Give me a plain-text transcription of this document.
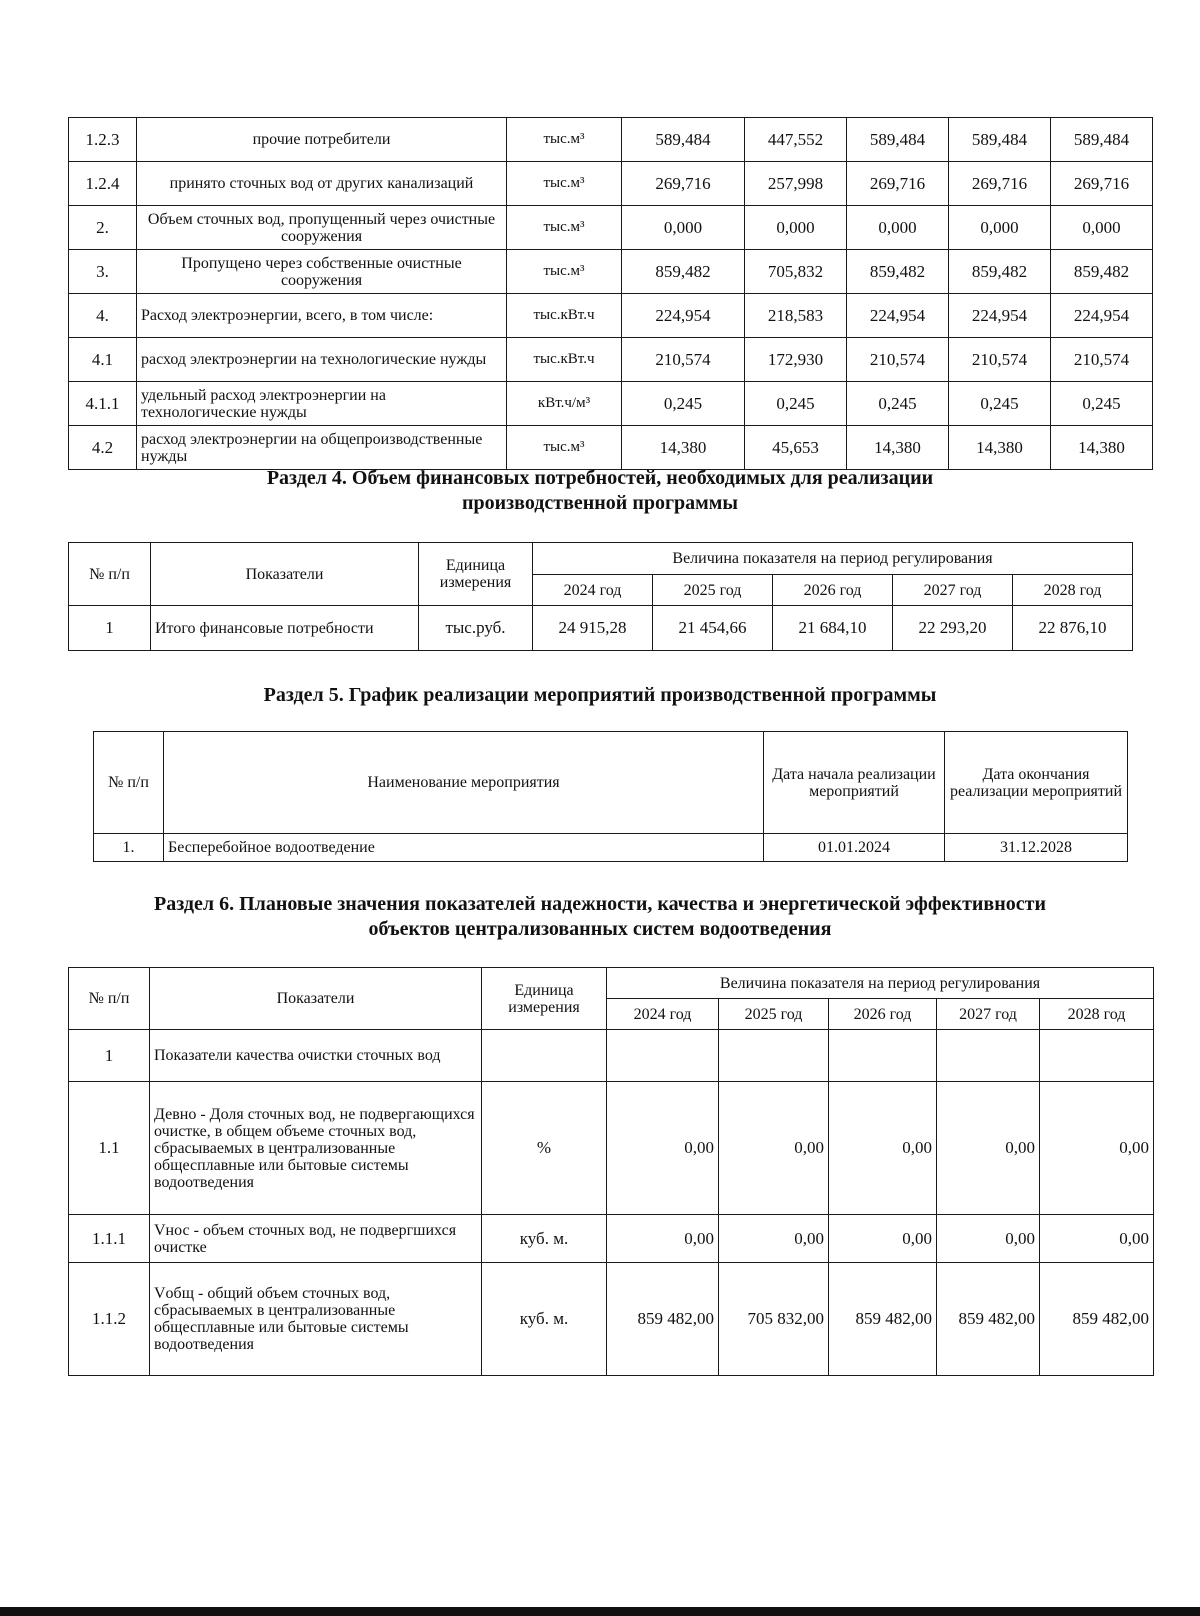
1.2.3	прочие потребители	тыс.м³	589,484	447,552	589,484	589,484	589,484
1.2.4	принято сточных вод от других канализаций	тыс.м³	269,716	257,998	269,716	269,716	269,716
2.	Объем сточных вод, пропущенный через очистные сооружения	тыс.м³	0,000	0,000	0,000	0,000	0,000
3.	Пропущено через собственные очистные сооружения	тыс.м³	859,482	705,832	859,482	859,482	859,482
4.	Расход электроэнергии, всего, в том числе:	тыс.кВт.ч	224,954	218,583	224,954	224,954	224,954
4.1	расход электроэнергии на технологические нужды	тыс.кВт.ч	210,574	172,930	210,574	210,574	210,574
4.1.1	удельный расход электроэнергии на технологические нужды	кВт.ч/м³	0,245	0,245	0,245	0,245	0,245
4.2	расход электроэнергии на общепроизводственные нужды	тыс.м³	14,380	45,653	14,380	14,380	14,380
Раздел 4. Объем финансовых потребностей, необходимых для реализации
производственной программы
№ п/п	Показатели	Единица измерения	Величина показателя на период регулирования				
			2024 год	2025 год	2026 год	2027 год	2028 год
1	Итого финансовые потребности	тыс.руб.	24 915,28	21 454,66	21 684,10	22 293,20	22 876,10
Раздел 5. График реализации мероприятий производственной программы
№ п/п	Наименование мероприятия	Дата начала реализации мероприятий	Дата окончания реализации мероприятий
1.	Бесперебойное водоотведение	01.01.2024	31.12.2028
Раздел 6. Плановые значения показателей надежности, качества и энергетической эффективности
объектов централизованных систем водоотведения
№ п/п	Показатели	Единица измерения	Величина показателя на период регулирования				
			2024 год	2025 год	2026 год	2027 год	2028 год
1	Показатели качества очистки сточных вод						
1.1	Девно - Доля сточных вод, не подвергающихся очистке, в общем объеме сточных вод, сбрасываемых в централизованные общесплавные или бытовые системы водоотведения	%	0,00	0,00	0,00	0,00	0,00
1.1.1	Vнос - объем сточных вод, не подвергшихся очистке	куб. м.	0,00	0,00	0,00	0,00	0,00
1.1.2	Vобщ - общий объем сточных вод, сбрасываемых в централизованные общесплавные или бытовые системы водоотведения	куб. м.	859 482,00	705 832,00	859 482,00	859 482,00	859 482,00
